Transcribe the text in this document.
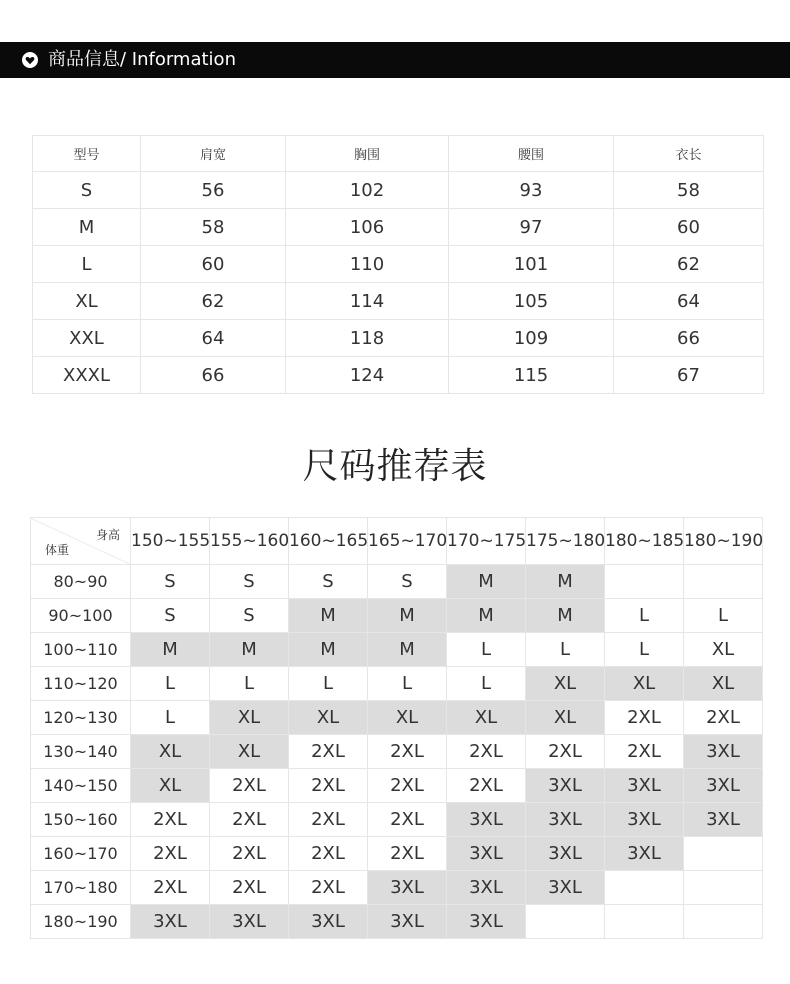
商品信息/ Information
型号	肩宽	胸围	腰围	衣长
S	56	102	93	58
M	58	106	97	60
L	60	110	101	62
XL	62	114	105	64
XXL	64	118	109	66
XXXL	66	124	115	67
尺码推荐表
身高
体重	150~155	155~160	160~165	165~170	170~175	175~180	180~185	180~190
80~90	S	S	S	S	M	M		
90~100	S	S	M	M	M	M	L	L
100~110	M	M	M	M	L	L	L	XL
110~120	L	L	L	L	L	XL	XL	XL
120~130	L	XL	XL	XL	XL	XL	2XL	2XL
130~140	XL	XL	2XL	2XL	2XL	2XL	2XL	3XL
140~150	XL	2XL	2XL	2XL	2XL	3XL	3XL	3XL
150~160	2XL	2XL	2XL	2XL	3XL	3XL	3XL	3XL
160~170	2XL	2XL	2XL	2XL	3XL	3XL	3XL	
170~180	2XL	2XL	2XL	3XL	3XL	3XL		
180~190	3XL	3XL	3XL	3XL	3XL			
